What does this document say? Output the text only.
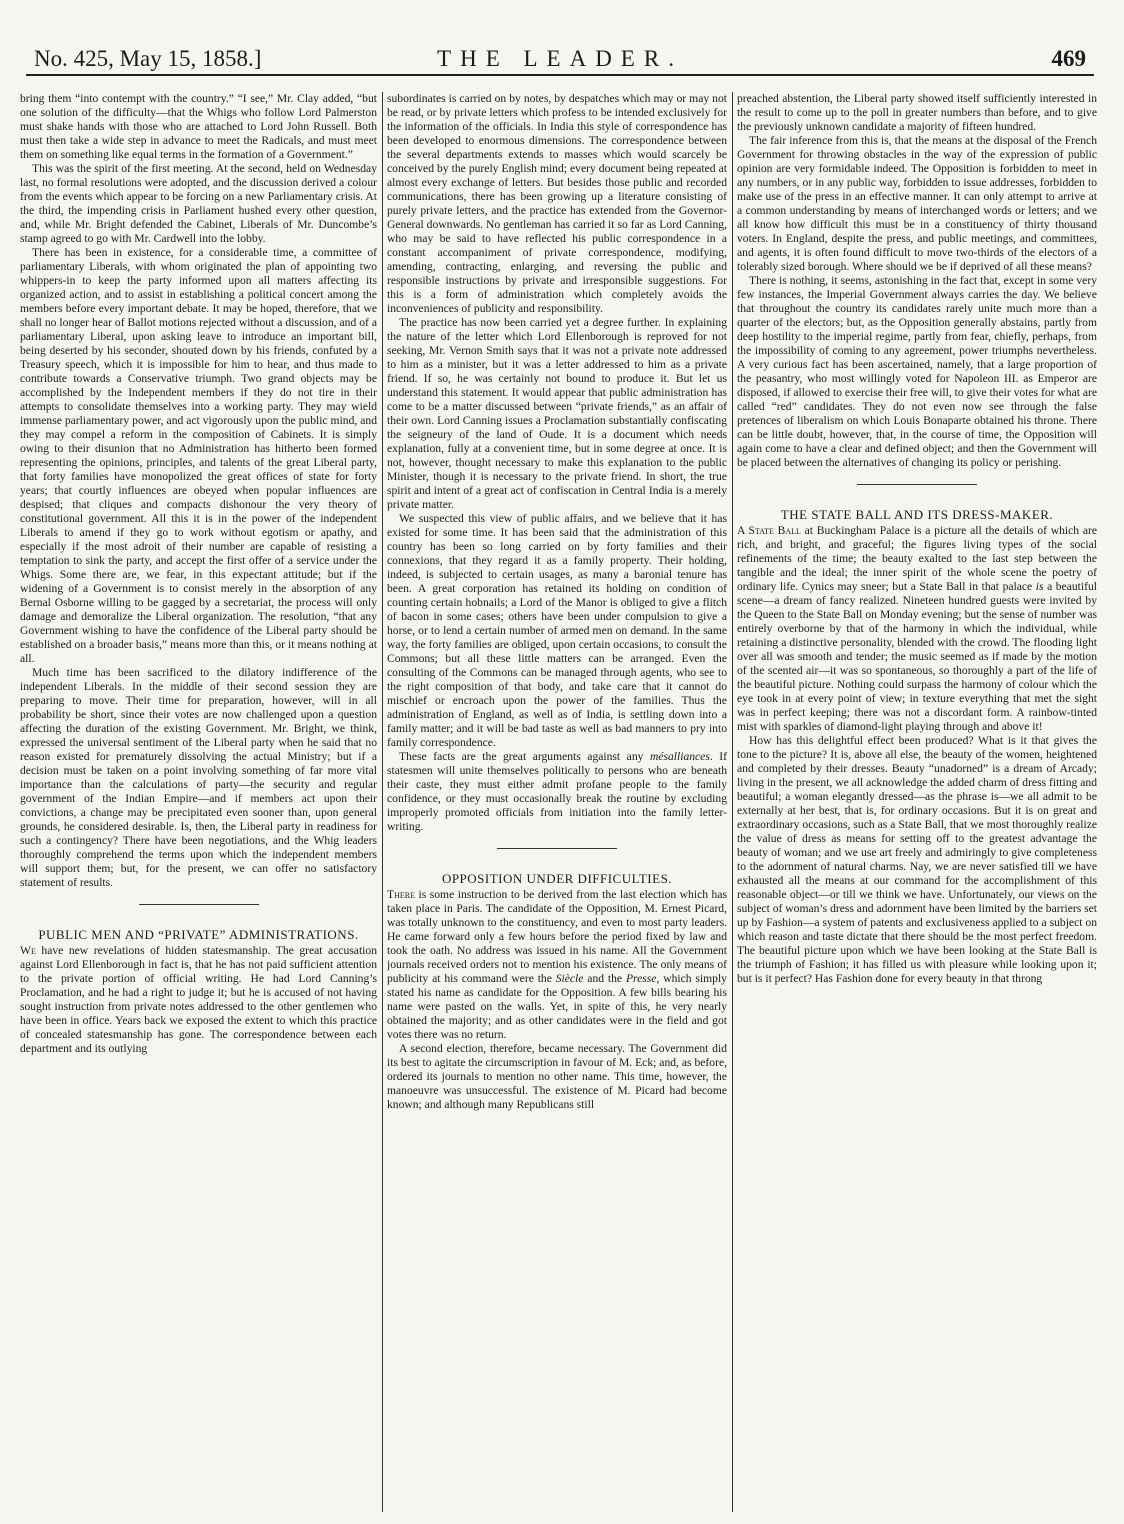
No. 425, May 15, 1858.]	THE LEADER.	469

bring them “into contempt with the country.” “I see,” Mr. Clay added, “but one solution of the difficulty—that the Whigs who follow Lord Palmerston must shake hands with those who are attached to Lord John Russell. Both must then take a wide step in advance to meet the Radicals, and must meet them on something like equal terms in the formation of a Government.”

This was the spirit of the first meeting. At the second, held on Wednesday last, no formal resolutions were adopted, and the discussion derived a colour from the events which appear to be forcing on a new Parliamentary crisis. At the third, the impending crisis in Parliament hushed every other question, and, while Mr. Bright defended the Cabinet, Liberals of Mr. Duncombe’s stamp agreed to go with Mr. Cardwell into the lobby.

There has been in existence, for a considerable time, a committee of parliamentary Liberals, with whom originated the plan of appointing two whippers-in to keep the party informed upon all matters affecting its organized action, and to assist in establishing a political concert among the members before every important debate. It may be hoped, therefore, that we shall no longer hear of Ballot motions rejected without a discussion, and of a parliamentary Liberal, upon asking leave to introduce an important bill, being deserted by his seconder, shouted down by his friends, confuted by a Treasury speech, which it is impossible for him to hear, and thus made to contribute towards a Conservative triumph. Two grand objects may be accomplished by the Independent members if they do not tire in their attempts to consolidate themselves into a working party. They may wield immense parliamentary power, and act vigorously upon the public mind, and they may compel a reform in the composition of Cabinets. It is simply owing to their disunion that no Administration has hitherto been formed representing the opinions, principles, and talents of the great Liberal party, that forty families have monopolized the great offices of state for forty years; that courtly influences are obeyed when popular influences are despised; that cliques and compacts dishonour the very theory of constitutional government. All this it is in the power of the independent Liberals to amend if they go to work without egotism or apathy, and especially if the most adroit of their number are capable of resisting a temptation to sink the party, and accept the first offer of a service under the Whigs. Some there are, we fear, in this expectant attitude; but if the widening of a Government is to consist merely in the absorption of any Bernal Osborne willing to be gagged by a secretariat, the process will only damage and demoralize the Liberal organization. The resolution, “that any Government wishing to have the confidence of the Liberal party should be established on a broader basis,” means more than this, or it means nothing at all.

Much time has been sacrificed to the dilatory indifference of the independent Liberals. In the middle of their second session they are preparing to move. Their time for preparation, however, will in all probability be short, since their votes are now challenged upon a question affecting the duration of the existing Government. Mr. Bright, we think, expressed the universal sentiment of the Liberal party when he said that no reason existed for prematurely dissolving the actual Ministry; but if a decision must be taken on a point involving something of far more vital importance than the calculations of party—the security and regular government of the Indian Empire—and if members act upon their convictions, a change may be precipitated even sooner than, upon general grounds, he considered desirable. Is, then, the Liberal party in readiness for such a contingency? There have been negotiations, and the Whig leaders thoroughly comprehend the terms upon which the independent members will support them; but, for the present, we can offer no satisfactory statement of results.

PUBLIC MEN AND “PRIVATE” ADMINISTRATIONS.

We have new revelations of hidden statesmanship. The great accusation against Lord Ellenborough in fact is, that he has not paid sufficient attention to the private portion of official writing. He had Lord Canning’s Proclamation, and he had a right to judge it; but he is accused of not having sought instruction from private notes addressed to the other gentlemen who have been in office. Years back we exposed the extent to which this practice of concealed statesmanship has gone. The correspondence between each department and its outlying

subordinates is carried on by notes, by despatches which may or may not be read, or by private letters which profess to be intended exclusively for the information of the officials. In India this style of correspondence has been developed to enormous dimensions. The correspondence between the several departments extends to masses which would scarcely be conceived by the purely English mind; every document being repeated at almost every exchange of letters. But besides those public and recorded communications, there has been growing up a literature consisting of purely private letters, and the practice has extended from the Governor-General downwards. No gentleman has carried it so far as Lord Canning, who may be said to have reflected his public correspondence in a constant accompaniment of private correspondence, modifying, amending, contracting, enlarging, and reversing the public and responsible instructions by private and irresponsible suggestions. For this is a form of administration which completely avoids the inconveniences of publicity and responsibility.

The practice has now been carried yet a degree further. In explaining the nature of the letter which Lord Ellenborough is reproved for not seeking, Mr. Vernon Smith says that it was not a private note addressed to him as a minister, but it was a letter addressed to him as a private friend. If so, he was certainly not bound to produce it. But let us understand this statement. It would appear that public administration has come to be a matter discussed between “private friends,” as an affair of their own. Lord Canning issues a Proclamation substantially confiscating the seigneury of the land of Oude. It is a document which needs explanation, fully at a convenient time, but in some degree at once. It is not, however, thought necessary to make this explanation to the public Minister, though it is necessary to the private friend. In short, the true spirit and intent of a great act of confiscation in Central India is a merely private matter.

We suspected this view of public affairs, and we believe that it has existed for some time. It has been said that the administration of this country has been so long carried on by forty families and their connexions, that they regard it as a family property. Their holding, indeed, is subjected to certain usages, as many a baronial tenure has been. A great corporation has retained its holding on condition of counting certain hobnails; a Lord of the Manor is obliged to give a flitch of bacon in some cases; others have been under compulsion to give a horse, or to lend a certain number of armed men on demand. In the same way, the forty families are obliged, upon certain occasions, to consult the Commons; but all these little matters can be arranged. Even the consulting of the Commons can be managed through agents, who see to the right composition of that body, and take care that it cannot do mischief or encroach upon the power of the families. Thus the administration of England, as well as of India, is settling down into a family matter; and it will be bad taste as well as bad manners to pry into family correspondence.

These facts are the great arguments against any mésalliances. If statesmen will unite themselves politically to persons who are beneath their caste, they must either admit profane people to the family confidence, or they must occasionally break the routine by excluding improperly promoted officials from initiation into the family letter-writing.

OPPOSITION UNDER DIFFICULTIES.

There is some instruction to be derived from the last election which has taken place in Paris. The candidate of the Opposition, M. Ernest Picard, was totally unknown to the constituency, and even to most party leaders. He came forward only a few hours before the period fixed by law and took the oath. No address was issued in his name. All the Government journals received orders not to mention his existence. The only means of publicity at his command were the Siècle and the Presse, which simply stated his name as candidate for the Opposition. A few bills bearing his name were pasted on the walls. Yet, in spite of this, he very nearly obtained the majority; and as other candidates were in the field and got votes there was no return.

A second election, therefore, became necessary. The Government did its best to agitate the circumscription in favour of M. Eck; and, as before, ordered its journals to mention no other name. This time, however, the manoeuvre was unsuccessful. The existence of M. Picard had become known; and although many Republicans still

preached abstention, the Liberal party showed itself sufficiently interested in the result to come up to the poll in greater numbers than before, and to give the previously unknown candidate a majority of fifteen hundred.

The fair inference from this is, that the means at the disposal of the French Government for throwing obstacles in the way of the expression of public opinion are very formidable indeed. The Opposition is forbidden to meet in any numbers, or in any public way, forbidden to issue addresses, forbidden to make use of the press in an effective manner. It can only attempt to arrive at a common understanding by means of interchanged words or letters; and we all know how difficult this must be in a constituency of thirty thousand voters. In England, despite the press, and public meetings, and committees, and agents, it is often found difficult to move two-thirds of the electors of a tolerably sized borough. Where should we be if deprived of all these means?

There is nothing, it seems, astonishing in the fact that, except in some very few instances, the Imperial Government always carries the day. We believe that throughout the country its candidates rarely unite much more than a quarter of the electors; but, as the Opposition generally abstains, partly from deep hostility to the imperial regime, partly from fear, chiefly, perhaps, from the impossibility of coming to any agreement, power triumphs nevertheless. A very curious fact has been ascertained, namely, that a large proportion of the peasantry, who most willingly voted for Napoleon III. as Emperor are disposed, if allowed to exercise their free will, to give their votes for what are called “red” candidates. They do not even now see through the false pretences of liberalism on which Louis Bonaparte obtained his throne. There can be little doubt, however, that, in the course of time, the Opposition will again come to have a clear and defined object; and then the Government will be placed between the alternatives of changing its policy or perishing.

THE STATE BALL AND ITS DRESS-MAKER.

A State Ball at Buckingham Palace is a picture all the details of which are rich, and bright, and graceful; the figures living types of the social refinements of the time; the beauty exalted to the last step between the tangible and the ideal; the inner spirit of the whole scene the poetry of ordinary life. Cynics may sneer; but a State Ball in that palace is a beautiful scene—a dream of fancy realized. Nineteen hundred guests were invited by the Queen to the State Ball on Monday evening; but the sense of number was entirely overborne by that of the harmony in which the individual, while retaining a distinctive personality, blended with the crowd. The flooding light over all was smooth and tender; the music seemed as if made by the motion of the scented air—it was so spontaneous, so thoroughly a part of the life of the beautiful picture. Nothing could surpass the harmony of colour which the eye took in at every point of view; in texture everything that met the sight was in perfect keeping; there was not a discordant form. A rainbow-tinted mist with sparkles of diamond-light playing through and above it!

How has this delightful effect been produced? What is it that gives the tone to the picture? It is, above all else, the beauty of the women, heightened and completed by their dresses. Beauty “unadorned” is a dream of Arcady; living in the present, we all acknowledge the added charm of dress fitting and beautiful; a woman elegantly dressed—as the phrase is—we all admit to be externally at her best, that is, for ordinary occasions. But it is on great and extraordinary occasions, such as a State Ball, that we most thoroughly realize the value of dress as means for setting off to the greatest advantage the beauty of woman; and we use art freely and admiringly to give completeness to the adornment of natural charms. Nay, we are never satisfied till we have exhausted all the means at our command for the accomplishment of this reasonable object—or till we think we have. Unfortunately, our views on the subject of woman’s dress and adornment have been limited by the barriers set up by Fashion—a system of patents and exclusiveness applied to a subject on which reason and taste dictate that there should be the most perfect freedom. The beautiful picture upon which we have been looking at the State Ball is the triumph of Fashion; it has filled us with pleasure while looking upon it; but is it perfect? Has Fashion done for every beauty in that throng
